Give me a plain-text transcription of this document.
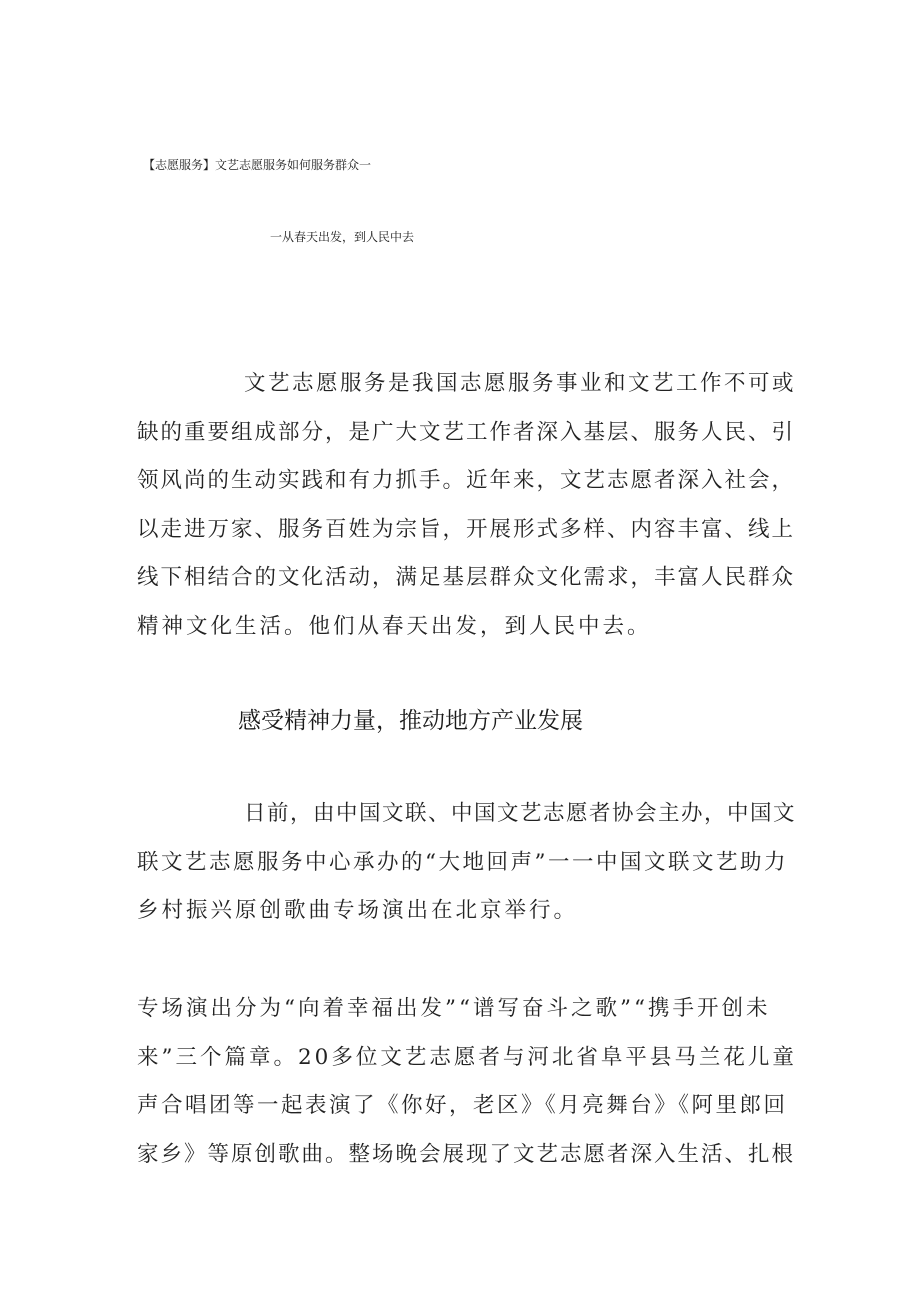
【志愿服务】文艺志愿服务如何服务群众一
一从春天出发，到人民中去
文艺志愿服务是我国志愿服务事业和文艺工作不可或
缺的重要组成部分，是广大文艺工作者深入基层、服务人民、引
领风尚的生动实践和有力抓手。近年来，文艺志愿者深入社会，
以走进万家、服务百姓为宗旨，开展形式多样、内容丰富、线上
线下相结合的文化活动，满足基层群众文化需求，丰富人民群众
精神文化生活。他们从春天出发，到人民中去。
感受精神力量，推动地方产业发展
日前，由中国文联、中国文艺志愿者协会主办，中国文
联文艺志愿服务中心承办的“大地回声”一一中国文联文艺助力
乡村振兴原创歌曲专场演出在北京举行。
专场演出分为“向着幸福出发”“谱写奋斗之歌”“携手开创未
来”三个篇章。20多位文艺志愿者与河北省阜平县马兰花儿童
声合唱团等一起表演了《你好，老区》《月亮舞台》《阿里郎回
家乡》等原创歌曲。整场晚会展现了文艺志愿者深入生活、扎根
